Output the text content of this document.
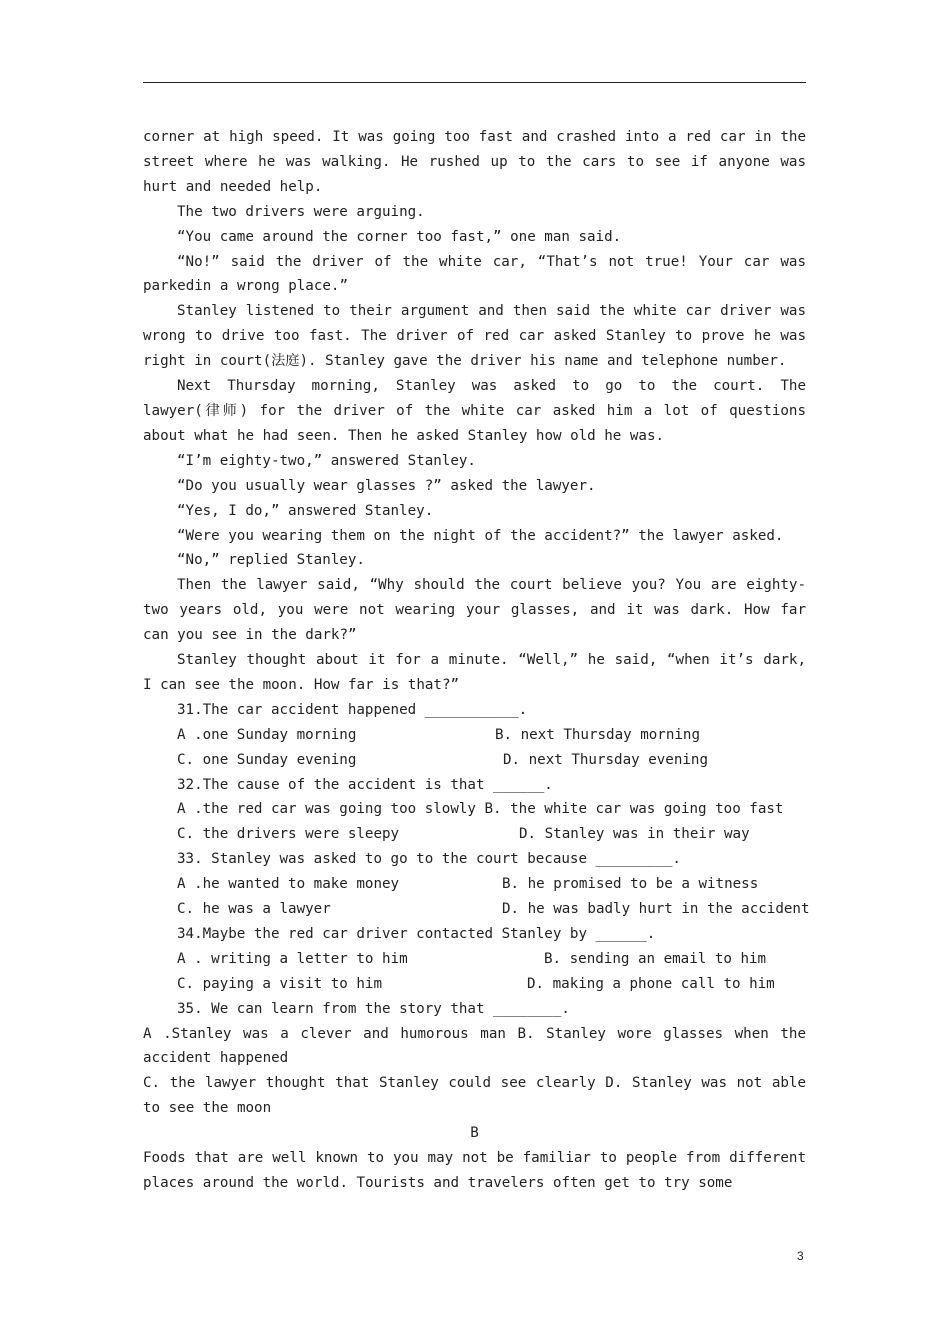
corner at high speed. It was going too fast and crashed into a red car in the street where he was walking. He rushed up to the cars to see if anyone was hurt and needed help.

The two drivers were arguing.

“You came around the corner too fast,” one man said.

“No!” said the driver of the white car, “That’s not true! Your car was parkedin a wrong place.”

Stanley listened to their argument and then said the white car driver was wrong to drive too fast. The driver of red car asked Stanley to prove he was right in court(法庭). Stanley gave the driver his name and telephone number.

Next Thursday morning, Stanley was asked to go to the court. The lawyer(律师) for the driver of the white car asked him a lot of questions about what he had seen. Then he asked Stanley how old he was.

“I’m eighty-two,” answered Stanley.

“Do you usually wear glasses ?” asked the lawyer.

“Yes, I do,” answered Stanley.

“Were you wearing them on the night of the accident?” the lawyer asked.

“No,” replied Stanley.

Then the lawyer said, “Why should the court believe you? You are eighty-two years old, you were not wearing your glasses, and it was dark. How far can you see in the dark?”

Stanley thought about it for a minute. “Well,” he said, “when it’s dark, I can see the moon. How far is that?”

31.The car accident happened ___________.

A .one Sunday morning	B. next Thursday morning
C. one Sunday evening	D. next Thursday evening

32.The cause of the accident is that ______.

A .the red car was going too slowly B. the white car was going too fast

C. the drivers were sleepy	D. Stanley was in their way

33. Stanley was asked to go to the court because _________.

A .he wanted to make money	B. he promised to be a witness
C. he was a lawyer	D. he was badly hurt in the accident

34.Maybe the red car driver contacted Stanley by ______.

A . writing a letter to him	B. sending an email to him
C. paying a visit to him	D. making a phone call to him

35. We can learn from the story that ________.

A .Stanley was a clever and humorous man B. Stanley wore glasses when the accident happened

C. the lawyer thought that Stanley could see clearly D. Stanley was not able to see the moon

B

Foods that are well known to you may not be familiar to people from different places around the world. Tourists and travelers often get to try some

3
